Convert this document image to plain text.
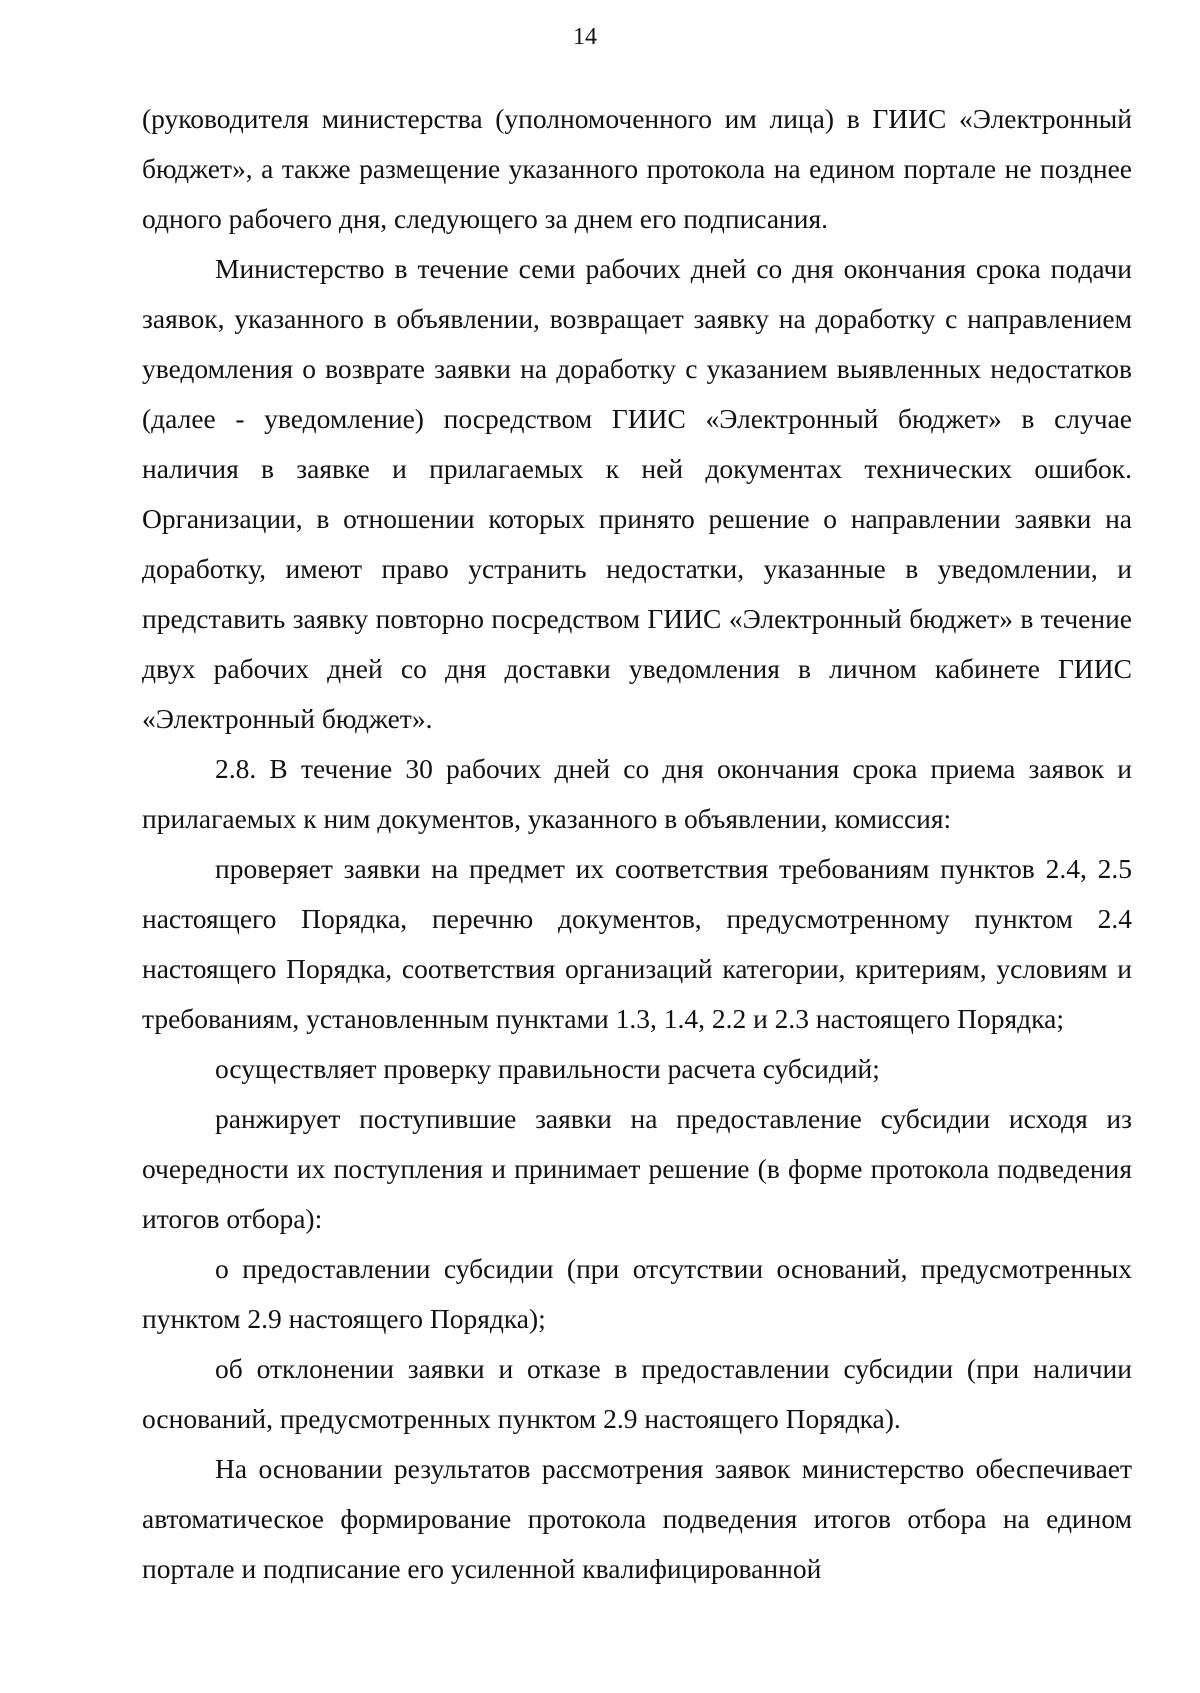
14

(руководителя министерства (уполномоченного им лица) в ГИИС «Электронный бюджет», а также размещение указанного протокола на едином портале не позднее одного рабочего дня, следующего за днем его подписания.

Министерство в течение семи рабочих дней со дня окончания срока подачи заявок, указанного в объявлении, возвращает заявку на доработку с направлением уведомления о возврате заявки на доработку с указанием выявленных недостатков (далее - уведомление) посредством ГИИС «Электронный бюджет» в случае наличия в заявке и прилагаемых к ней документах технических ошибок. Организации, в отношении которых принято решение о направлении заявки на доработку, имеют право устранить недостатки, указанные в уведомлении, и представить заявку повторно посредством ГИИС «Электронный бюджет» в течение двух рабочих дней со дня доставки уведомления в личном кабинете ГИИС «Электронный бюджет».

2.8. В течение 30 рабочих дней со дня окончания срока приема заявок и прилагаемых к ним документов, указанного в объявлении, комиссия:

проверяет заявки на предмет их соответствия требованиям пунктов 2.4, 2.5 настоящего Порядка, перечню документов, предусмотренному пунктом 2.4 настоящего Порядка, соответствия организаций категории, критериям, условиям и требованиям, установленным пунктами 1.3, 1.4, 2.2 и 2.3 настоящего Порядка;

осуществляет проверку правильности расчета субсидий;

ранжирует поступившие заявки на предоставление субсидии исходя из очередности их поступления и принимает решение (в форме протокола подведения итогов отбора):

о предоставлении субсидии (при отсутствии оснований, предусмотренных пунктом 2.9 настоящего Порядка);

об отклонении заявки и отказе в предоставлении субсидии (при наличии оснований, предусмотренных пунктом 2.9 настоящего Порядка).

На основании результатов рассмотрения заявок министерство обеспечивает автоматическое формирование протокола подведения итогов отбора на едином портале и подписание его усиленной квалифицированной
